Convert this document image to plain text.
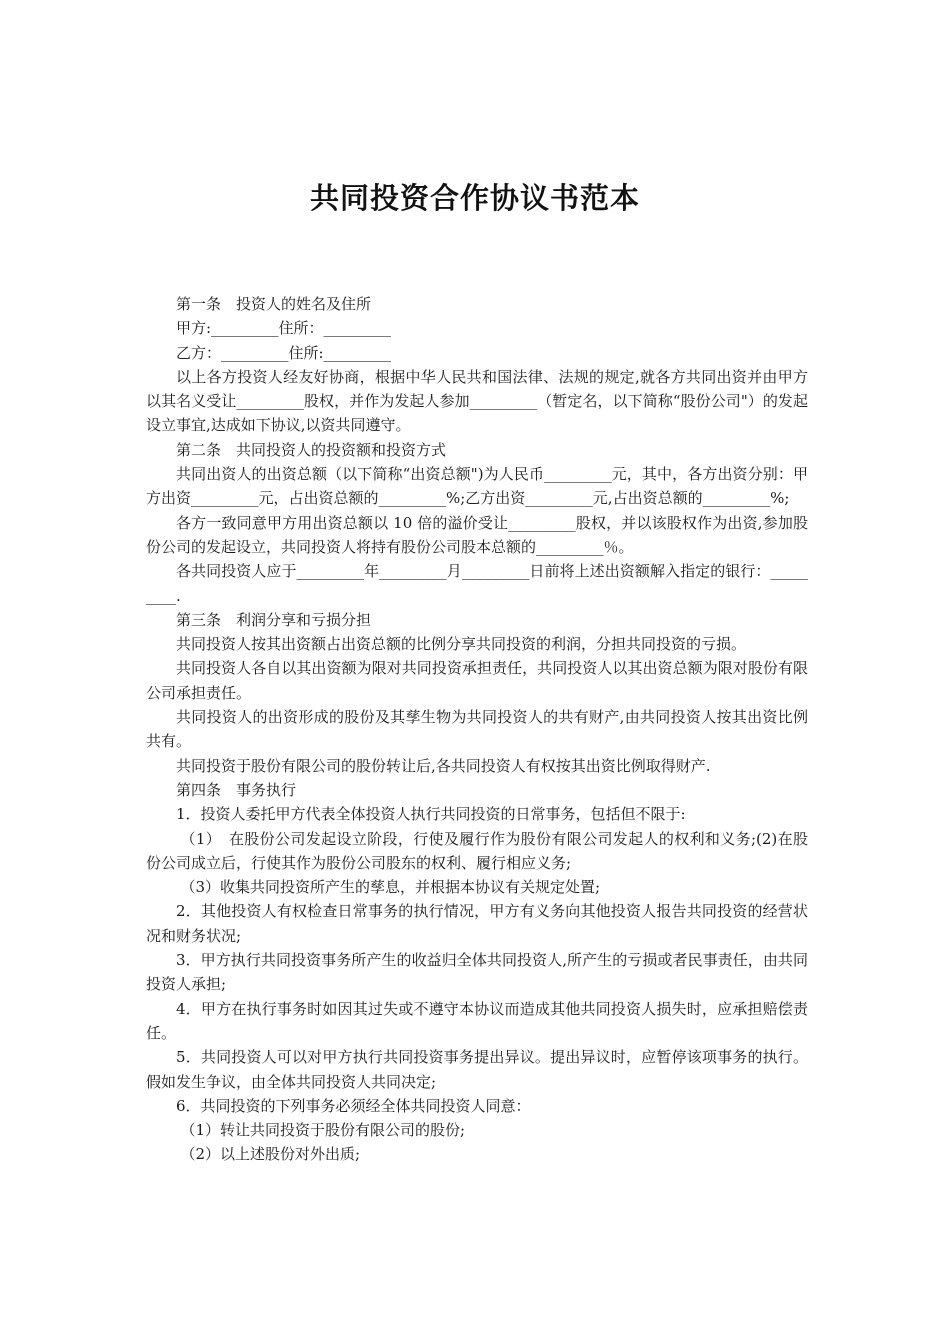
共同投资合作协议书范本

第一条　投资人的姓名及住所

甲方:_________住所：_________

乙方：_________住所:_________

以上各方投资人经友好协商，根据中华人民共和国法律、法规的规定,就各方共同出资并由甲方以其名义受让_________股权，并作为发起人参加_________（暂定名，以下简称“股份公司"）的发起设立事宜,达成如下协议,以资共同遵守。

第二条　共同投资人的投资额和投资方式

共同出资人的出资总额（以下简称“出资总额")为人民币_________元，其中，各方出资分别：甲方出资_________元，占出资总额的_________%;乙方出资_________元,占出资总额的_________%;

各方一致同意甲方用出资总额以 10 倍的溢价受让_________股权，并以该股权作为出资,参加股份公司的发起设立，共同投资人将持有股份公司股本总额的_________％。

各共同投资人应于_________年_________月_________日前将上述出资额解入指定的银行：_________.

第三条　利润分享和亏损分担

共同投资人按其出资额占出资总额的比例分享共同投资的利润，分担共同投资的亏损。

共同投资人各自以其出资额为限对共同投资承担责任，共同投资人以其出资总额为限对股份有限公司承担责任。

共同投资人的出资形成的股份及其孳生物为共同投资人的共有财产,由共同投资人按其出资比例共有。

共同投资于股份有限公司的股份转让后,各共同投资人有权按其出资比例取得财产.

第四条　事务执行

1．投资人委托甲方代表全体投资人执行共同投资的日常事务，包括但不限于:

（1）　在股份公司发起设立阶段，行使及履行作为股份有限公司发起人的权利和义务;(2)在股份公司成立后，行使其作为股份公司股东的权利、履行相应义务;

（3）收集共同投资所产生的孳息，并根据本协议有关规定处置;

2．其他投资人有权检查日常事务的执行情况，甲方有义务向其他投资人报告共同投资的经营状况和财务状况;

3．甲方执行共同投资事务所产生的收益归全体共同投资人,所产生的亏损或者民事责任，由共同投资人承担;

4．甲方在执行事务时如因其过失或不遵守本协议而造成其他共同投资人损失时，应承担赔偿责任。

5．共同投资人可以对甲方执行共同投资事务提出异议。提出异议时，应暂停该项事务的执行。假如发生争议，由全体共同投资人共同决定;

6．共同投资的下列事务必须经全体共同投资人同意：

（1）转让共同投资于股份有限公司的股份;

（2）以上述股份对外出质;
